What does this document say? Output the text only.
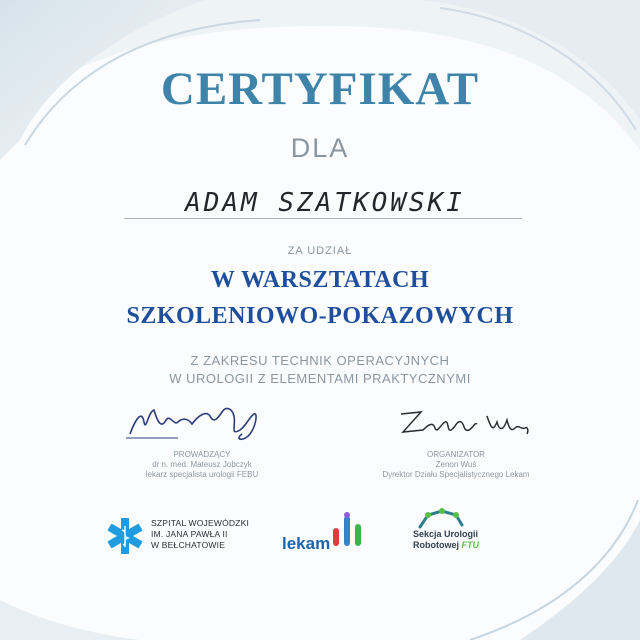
CERTYFIKAT
DLA
ADAM SZATKOWSKI
ZA UDZIAŁ
W WARSZTATACH
SZKOLENIOWO-POKAZOWYCH
Z ZAKRESU TECHNIK OPERACYJNYCH
W UROLOGII Z ELEMENTAMI PRAKTYCZNYMI
PROWADZĄCY
dr n. med. Mateusz Jobczyk
lekarz specjalista urologii FEBU
ORGANIZATOR
Zenon Wuś
Dyrektor Działu Specjalistycznego Lekam
SZPITAL WOJEWÓDZKI
IM. JANA PAWŁA II
W BEŁCHATOWIE	lekam	Sekcja Urologii
Robotowej FTU
